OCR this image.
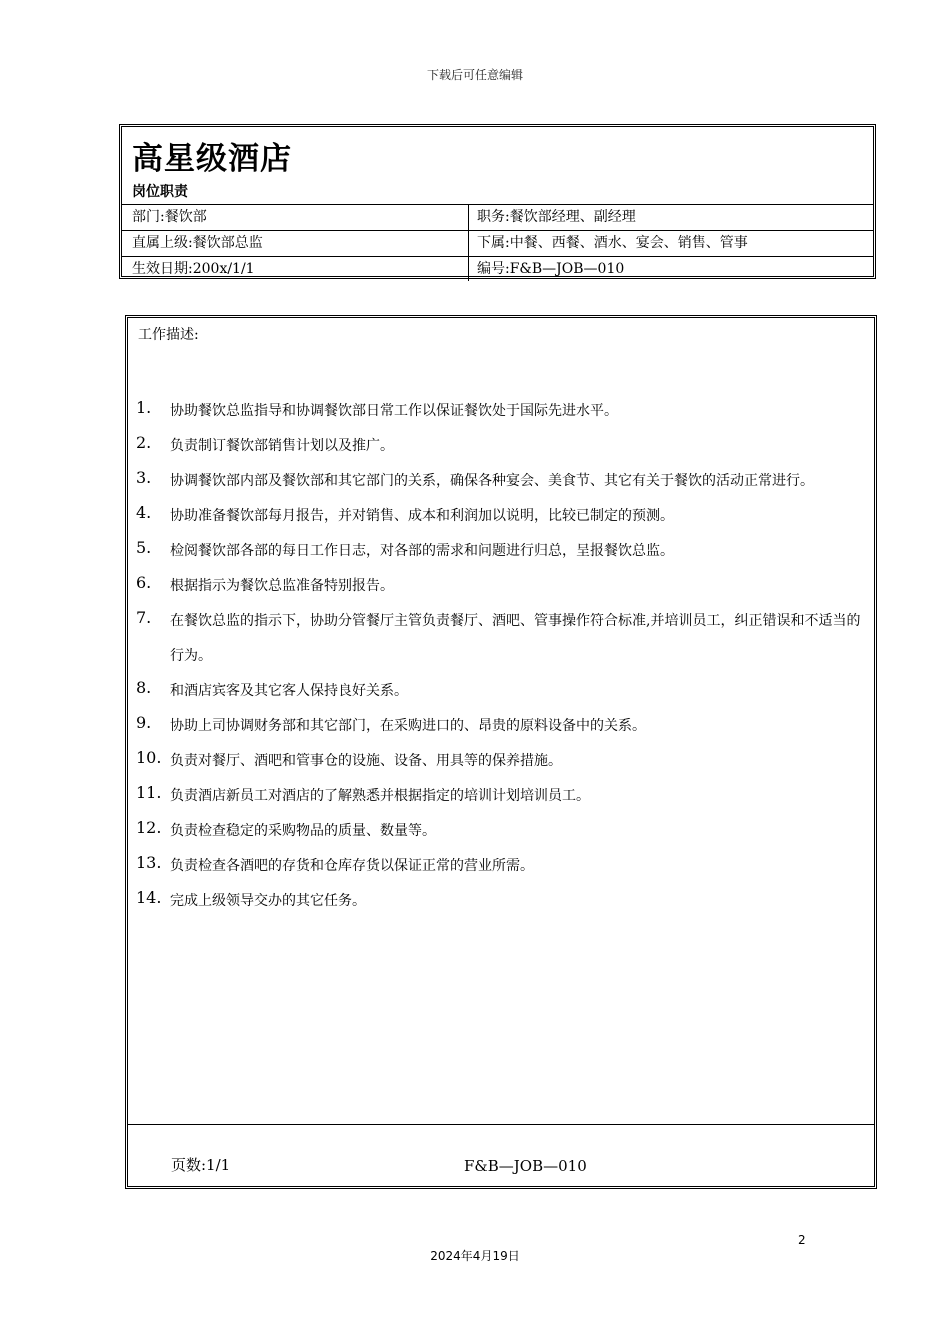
下载后可任意编辑
高星级酒店
岗位职责
部门:餐饮部	职务:餐饮部经理、副经理
直属上级:餐饮部总监	下属:中餐、西餐、酒水、宴会、销售、管事
生效日期:200x/1/1	编号:F&B—JOB—010
工作描述:
1.	协助餐饮总监指导和协调餐饮部日常工作以保证餐饮处于国际先进水平。
2.	负责制订餐饮部销售计划以及推广。
3.	协调餐饮部内部及餐饮部和其它部门的关系，确保各种宴会、美食节、其它有关于餐饮的活动正常进行。
4.	协助准备餐饮部每月报告，并对销售、成本和利润加以说明，比较已制定的预测。
5.	检阅餐饮部各部的每日工作日志，对各部的需求和问题进行归总，呈报餐饮总监。
6.	根据指示为餐饮总监准备特别报告。
7.	在餐饮总监的指示下，协助分管餐厅主管负责餐厅、酒吧、管事操作符合标准,并培训员工，纠正错误和不适当的行为。
8.	和酒店宾客及其它客人保持良好关系。
9.	协助上司协调财务部和其它部门，在采购进口的、昂贵的原料设备中的关系。
10. 负责对餐厅、酒吧和管事仓的设施、设备、用具等的保养措施。
11. 负责酒店新员工对酒店的了解熟悉并根据指定的培训计划培训员工。
12. 负责检查稳定的采购物品的质量、数量等。
13. 负责检查各酒吧的存货和仓库存货以保证正常的营业所需。
14. 完成上级领导交办的其它任务。
页数:1/1	F&B—JOB—010
2
2024年4月19日
